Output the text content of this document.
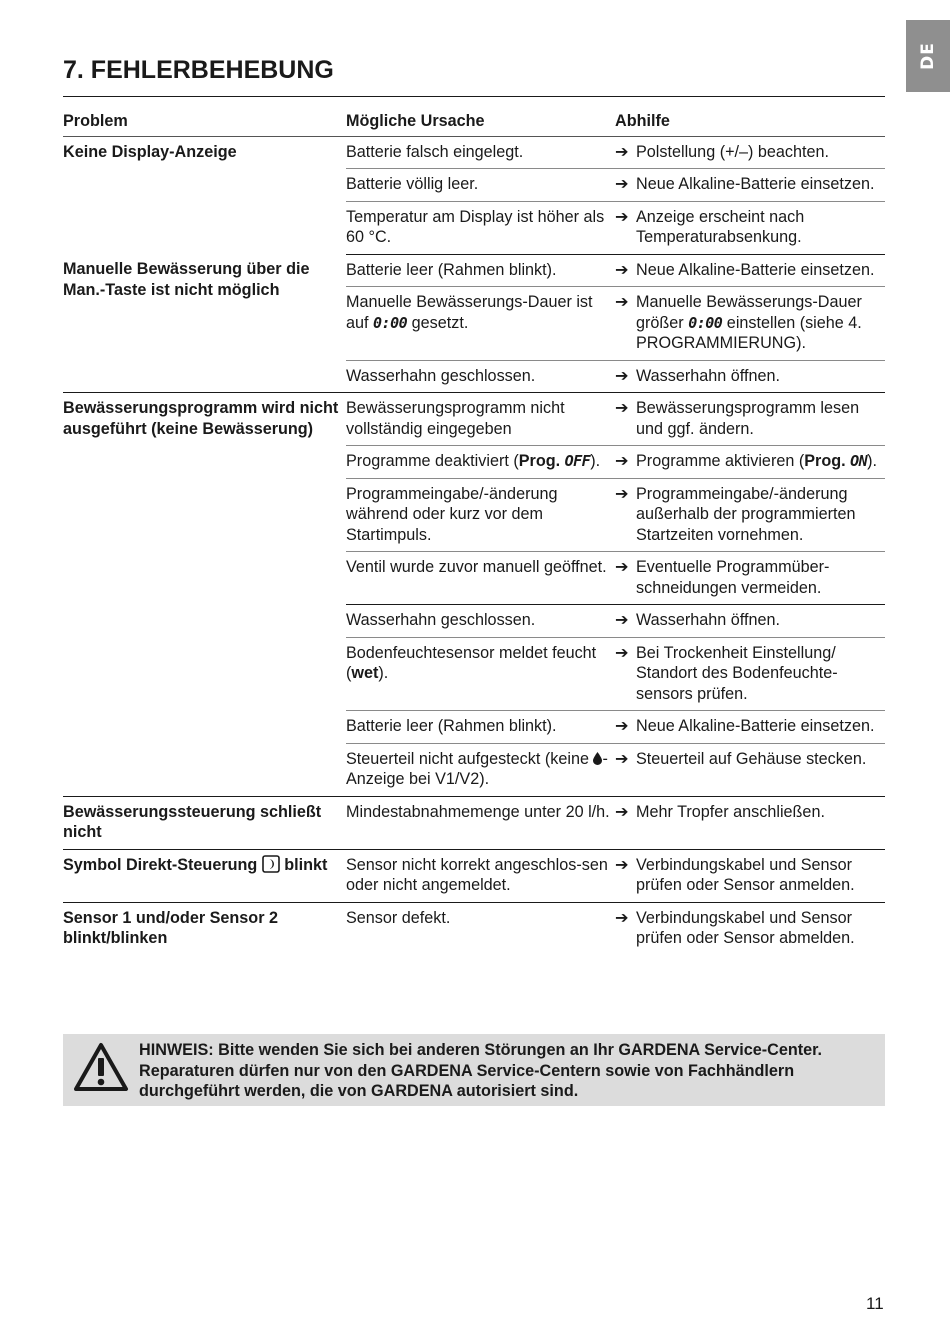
DE
7. FEHLERBEHEBUNG
Problem	Mögliche Ursache	Abhilfe
Keine Display-Anzeige	Batterie falsch eingelegt.	➔ Polstellung (+/–) beachten.

	Batterie völlig leer.	➔ Neue Alkaline-Batterie einsetzen.

	Temperatur am Display ist höher als 60 °C.	➔ Anzeige erscheint nach Temperaturabsenkung.

Manuelle Bewässerung über die Man.-Taste ist nicht möglich	Batterie leer (Rahmen blinkt).	➔ Neue Alkaline-Batterie einsetzen.

	Manuelle Bewässerungs-Dauer ist auf 0:00 gesetzt.	➔ Manuelle Bewässerungs-Dauer größer 0:00 einstellen (siehe 4. PROGRAMMIERUNG).

	Wasserhahn geschlossen.	➔ Wasserhahn öffnen.

Bewässerungsprogramm wird nicht ausgeführt (keine Bewässerung)	Bewässerungsprogramm nicht vollständig eingegeben	➔ Bewässerungsprogramm lesen und ggf. ändern.

	Programme deaktiviert (Prog. OFF).	➔ Programme aktivieren (Prog. ON).

	Programmeingabe/-änderung während oder kurz vor dem Startimpuls.	➔ Programmeingabe/-änderung außerhalb der programmierten Startzeiten vornehmen.

	Ventil wurde zuvor manuell geöffnet.	➔ Eventuelle Programmüber-schneidungen vermeiden.

	Wasserhahn geschlossen.	➔ Wasserhahn öffnen.

	Bodenfeuchtesensor meldet feucht (wet).	➔ Bei Trockenheit Einstellung/ Standort des Bodenfeuchte-sensors prüfen.

	Batterie leer (Rahmen blinkt).	➔ Neue Alkaline-Batterie einsetzen.

	Steuerteil nicht aufgesteckt (keine -Anzeige bei V1/V2).	➔ Steuerteil auf Gehäuse stecken.

Bewässerungssteuerung schließt nicht	Mindestabnahmemenge unter 20 l/h.	➔ Mehr Tropfer anschließen.

Symbol Direkt-Steuerung  blinkt	Sensor nicht korrekt angeschlos-sen oder nicht angemeldet.	➔ Verbindungskabel und Sensor prüfen oder Sensor anmelden.

Sensor 1 und/oder Sensor 2 blinkt/blinken	Sensor defekt.	➔ Verbindungskabel und Sensor prüfen oder Sensor abmelden.
HINWEIS: Bitte wenden Sie sich bei anderen Störungen an Ihr GARDENA Service-Center. Reparaturen dürfen nur von den GARDENA Service-Centern sowie von Fachhändlern durchgeführt werden, die von GARDENA autorisiert sind.
11
